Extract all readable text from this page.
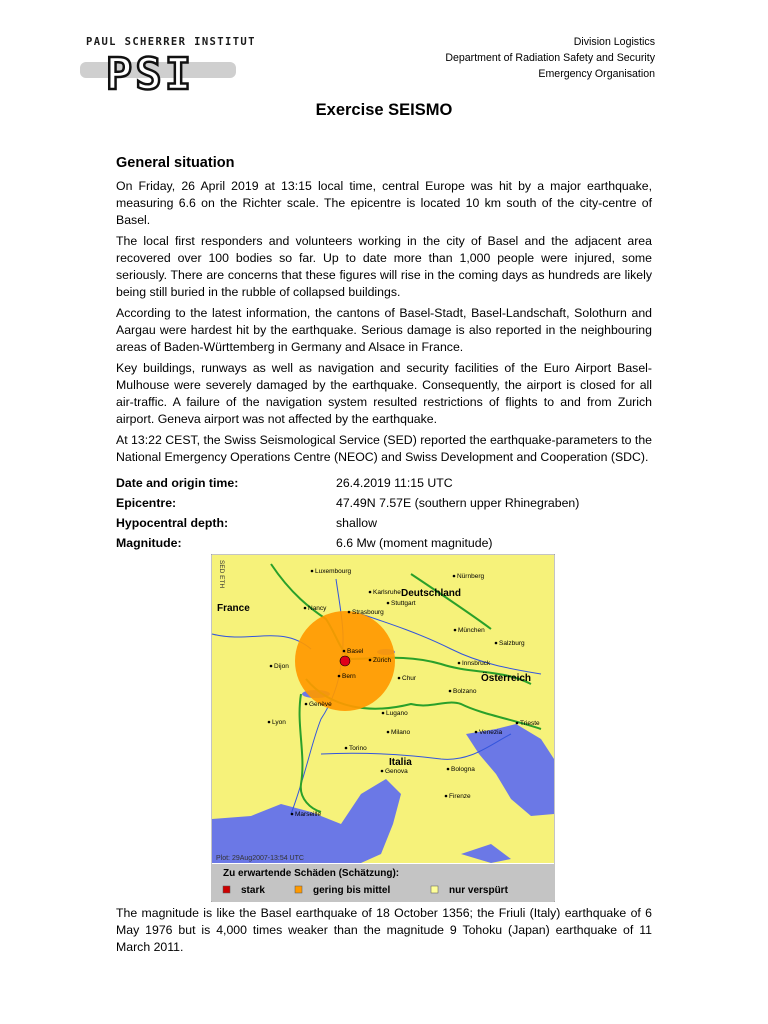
PAUL SCHERRER INSTITUT
PSI
Division Logistics
Department of Radiation Safety and Security
Emergency Organisation
Exercise SEISMO
General situation

On Friday, 26 April 2019 at 13:15 local time, central Europe was hit by a major earthquake, measuring 6.6 on the Richter scale. The epicentre is located 10 km south of the city-centre of Basel.

The local first responders and volunteers working in the city of Basel and the adjacent area recovered over 100 bodies so far. Up to date more than 1,000 people were injured, some seriously. There are concerns that these figures will rise in the coming days as hundreds are likely being still buried in the rubble of collapsed buildings.

According to the latest information, the cantons of Basel-Stadt, Basel-Landschaft, Solothurn and Aargau were hardest hit by the earthquake. Serious damage is also reported in the neighbouring areas of Baden-Württemberg in Germany and Alsace in France.

Key buildings, runways as well as navigation and security facilities of the Euro Airport Basel-Mulhouse were severely damaged by the earthquake. Consequently, the airport is closed for all air-traffic. A failure of the navigation system resulted restrictions of flights to and from Zurich airport. Geneva airport was not affected by the earthquake.

At 13:22 CEST, the Swiss Seismological Service (SED) reported the earthquake-parameters to the National Emergency Operations Centre (NEOC) and Swiss Development and Cooperation (SDC).

Date and origin time:	26.4.2019 11:15 UTC
Epicentre:	47.49N 7.57E (southern upper Rhinegraben)
Hypocentral depth:	shallow
Magnitude:	6.6 Mw (moment magnitude)
Luxembourg
Nürnberg
Karlsruhe
Stuttgart
Nancy
Strasbourg
München
Salzburg
Basel
Zürich	Innsbruck
Dijon
Bern	Chur
Bolzano
Genève
Lugano
Lyon
Milano	Venezia
Trieste
Torino
Genova	Bologna
Marseille
Firenze
France
Deutschland
Österreich
Italia
SED ETH
Plot: 29Aug2007-13:54 UTC
Zu erwartende Schäden (Schätzung):
stark	gering bis mittel	nur verspürt
The magnitude is like the Basel earthquake of 18 October 1356; the Friuli (Italy) earthquake of 6 May 1976 but is 4,000 times weaker than the magnitude 9 Tohoku (Japan) earthquake of 11 March 2011.
